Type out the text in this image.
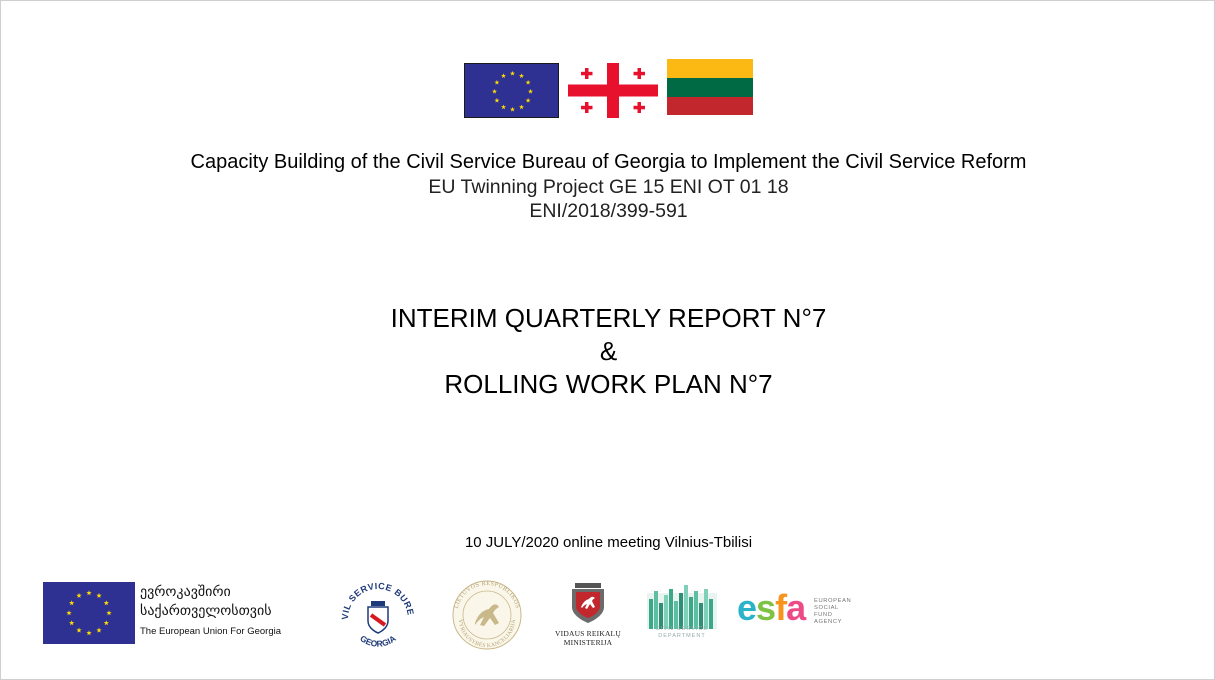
Capacity Building of the Civil Service Bureau of Georgia to Implement the Civil Service Reform
EU Twinning Project GE 15 ENI OT 01 18
ENI/2018/399-591
INTERIM QUARTERLY REPORT N°7
&
ROLLING WORK PLAN N°7
10 JULY/2020 online meeting Vilnius-Tbilisi
ევროკავშირი
საქართველოსთვის
The European Union For Georgia
VIL SERVICE BURE
GEORGIA
LIETUVOS RESPUBLIKOS
VYRIAUSYBĖS KANCELIARIJA
VIDAUS REIKALŲ
MINISTERIJA
CIVIL SERVICE
DEPARTMENT
esfa EUROPEAN
SOCIAL
FUND
AGENCY
